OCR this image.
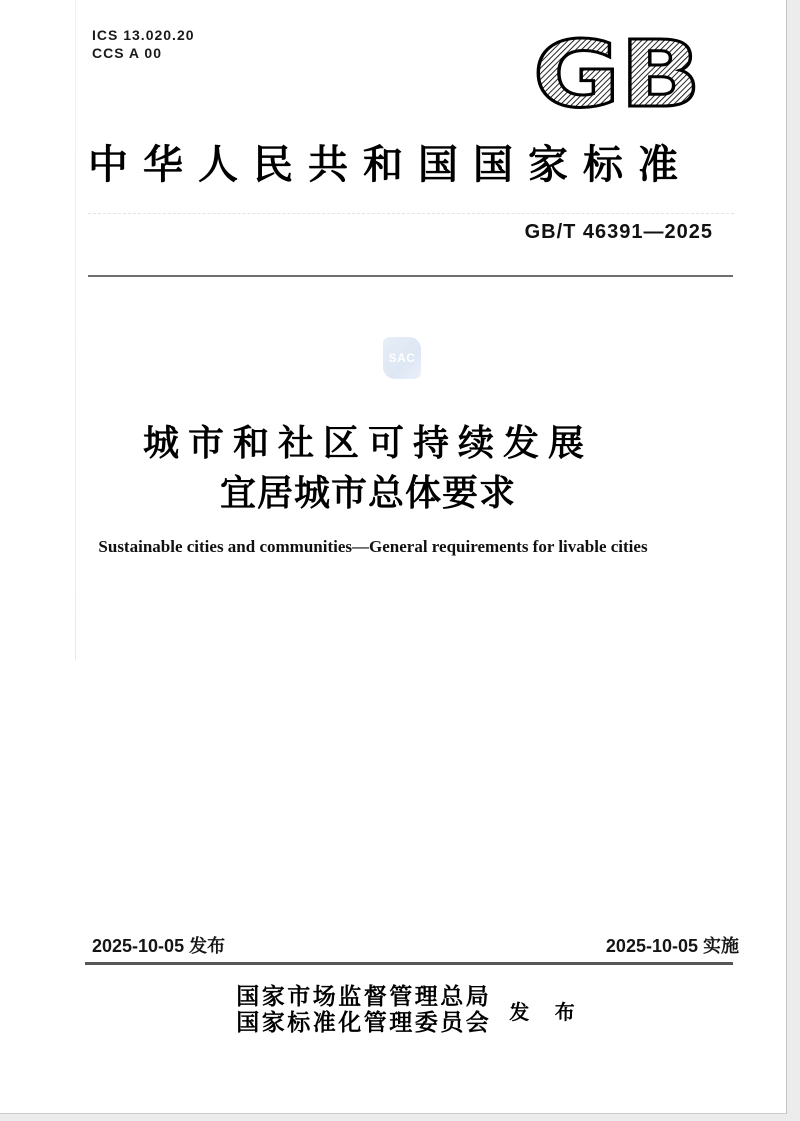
ICS 13.020.20
CCS A 00	GB
中华人民共和国国家标准
GB/T 46391—2025
SAC
城市和社区可持续发展
宜居城市总体要求
Sustainable cities and communities—General requirements for livable cities
2025-10-05 发布	2025-10-05 实施
国家市场监督管理总局
国家标准化管理委员会 发 布
